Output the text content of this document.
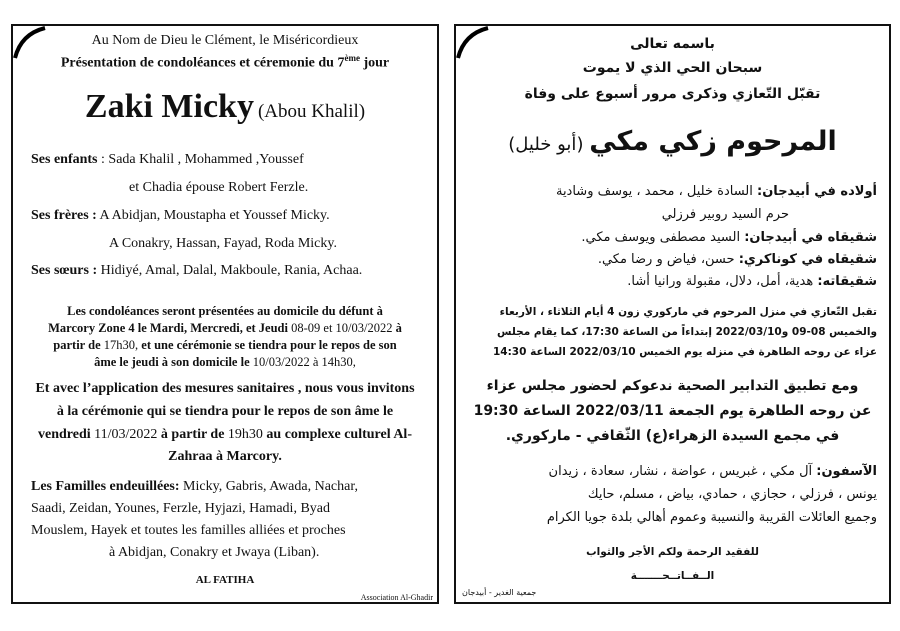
Au Nom de Dieu le Clément, le Miséricordieux
Présentation de condoléances et céremonie du 7ème jour
Zaki Micky (Abou Khalil)
Ses enfants : Sada Khalil , Mohammed ,Youssef
et Chadia épouse Robert Ferzle.
Ses frères : A Abidjan, Moustapha et Youssef Micky.
A Conakry, Hassan, Fayad, Roda Micky.
Ses sœurs : Hidiyé, Amal, Dalal, Makboule, Rania, Achaa.
Les condoléances seront présentées au domicile du défunt à
Marcory Zone 4 le Mardi, Mercredi, et Jeudi 08-09 et 10/03/2022 à
partir de 17h30, et une cérémonie se tiendra pour le repos de son
âme le jeudi à son domicile le 10/03/2022 à 14h30,
Et avec l’application des mesures sanitaires , nous vous invitons
à la cérémonie qui se tiendra pour le repos de son âme le
vendredi 11/03/2022 à partir de 19h30 au complexe culturel Al-
Zahraa à Marcory.
Les Familles endeuillées: Micky, Gabris, Awada, Nachar,
Saadi, Zeidan, Younes, Ferzle, Hyjazi, Hamadi, Byad
Mouslem, Hayek et toutes les familles alliées et proches
à Abidjan, Conakry et Jwaya (Liban).
AL FATIHA
Association Al-Ghadir
باسمه تعالى
سبحان الحي الذي لا يموت
تقبّل التّعازي وذكرى مرور أسبوع على وفاة
المرحوم زكي مكي (أبو خليل)
أولاده في أبيدجان: السادة خليل ، محمد ، يوسف وشادية
حرم السيد روبير فرزلي
شقيقاه في أبيدجان: السيد مصطفى ويوسف مكي.
شقيقاه في كوناكري: حسن، فياض و رضا مكي.
شقيقاته: هدية، أمل، دلال، مقبولة ورانيا أشا.
تقبل التّعازي في منزل المرحوم في ماركوري زون 4 أيام الثلاثاء ، الأربعاء
والخميس 08-09 و2022/03/10 إبتداءاً من الساعة 17:30، كما يقام مجلس
عزاء عن روحه الطاهرة في منزله يوم الخميس 2022/03/10 الساعة 14:30
ومع تطبيق التدابير الصحية ندعوكم لحضور مجلس عزاء
عن روحه الطاهرة يوم الجمعة 2022/03/11 الساعة 19:30
في مجمع السيدة الزهراء(ع) الثّقافي - ماركوري.
الآسفون: آل مكي ، غبريس ، عواضة ، نشار، سعادة ، زيدان
يونس ، فرزلي ، حجازي ، حمادي، بياض ، مسلم، حايك
وجميع العائلات القريبة والنسيبة وعموم أهالي بلدة جويا الكرام
للفقيد الرحمة ولكم الأجر والثواب
الــفــاتــحـــــــة
جمعية الغدير - أبيدجان
